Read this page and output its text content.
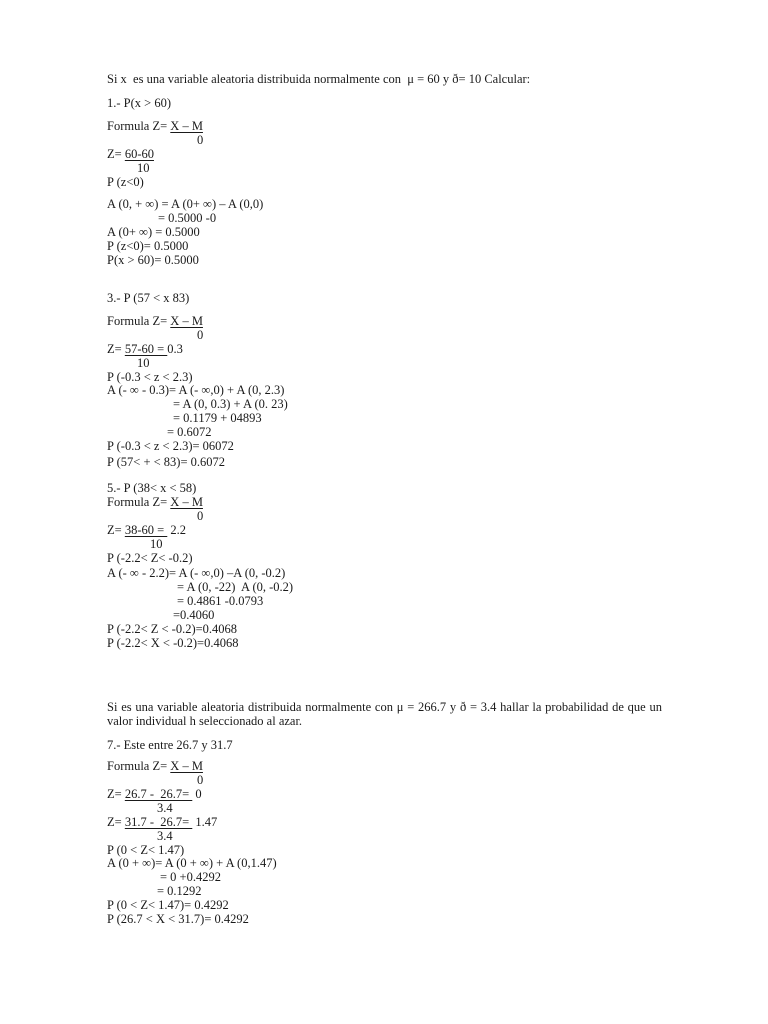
Si x  es una variable aleatoria distribuida normalmente con  μ = 60 y ð= 10 Calcular:
1.- P(x > 60)
Formula Z= X – M
0
Z= 60-60
10
P (z<0)
A (0, + ∞) = A (0+ ∞) – A (0,0)
= 0.5000 -0
A (0+ ∞) = 0.5000
P (z<0)= 0.5000
P(x > 60)= 0.5000
3.- P (57 < x 83)
Formula Z= X – M
0
Z= 57-60 = 0.3
10
P (-0.3 < z < 2.3)
A (- ∞ - 0.3)= A (- ∞,0) + A (0, 2.3)
= A (0, 0.3) + A (0. 23)
= 0.1179 + 04893
= 0.6072
P (-0.3 < z < 2.3)= 06072
P (57< + < 83)= 0.6072
5.- P (38< x < 58)
Formula Z= X – M
0
Z= 38-60 =  2.2
10
P (-2.2< Z< -0.2)
A (- ∞ - 2.2)= A (- ∞,0) –A (0, -0.2)
= A (0, -22)  A (0, -0.2)
= 0.4861 -0.0793
=0.4060
P (-2.2< Z < -0.2)=0.4068
P (-2.2< X < -0.2)=0.4068
Si es una variable aleatoria distribuida normalmente con μ = 266.7 y ð = 3.4 hallar la probabilidad de que un valor individual h seleccionado al azar.
7.- Este entre 26.7 y 31.7
Formula Z= X – M
0
Z= 26.7 -  26.7=  0
3.4
Z= 31.7 -  26.7=  1.47
3.4
P (0 < Z< 1.47)
A (0 + ∞)= A (0 + ∞) + A (0,1.47)
= 0 +0.4292
= 0.1292
P (0 < Z< 1.47)= 0.4292
P (26.7 < X < 31.7)= 0.4292
